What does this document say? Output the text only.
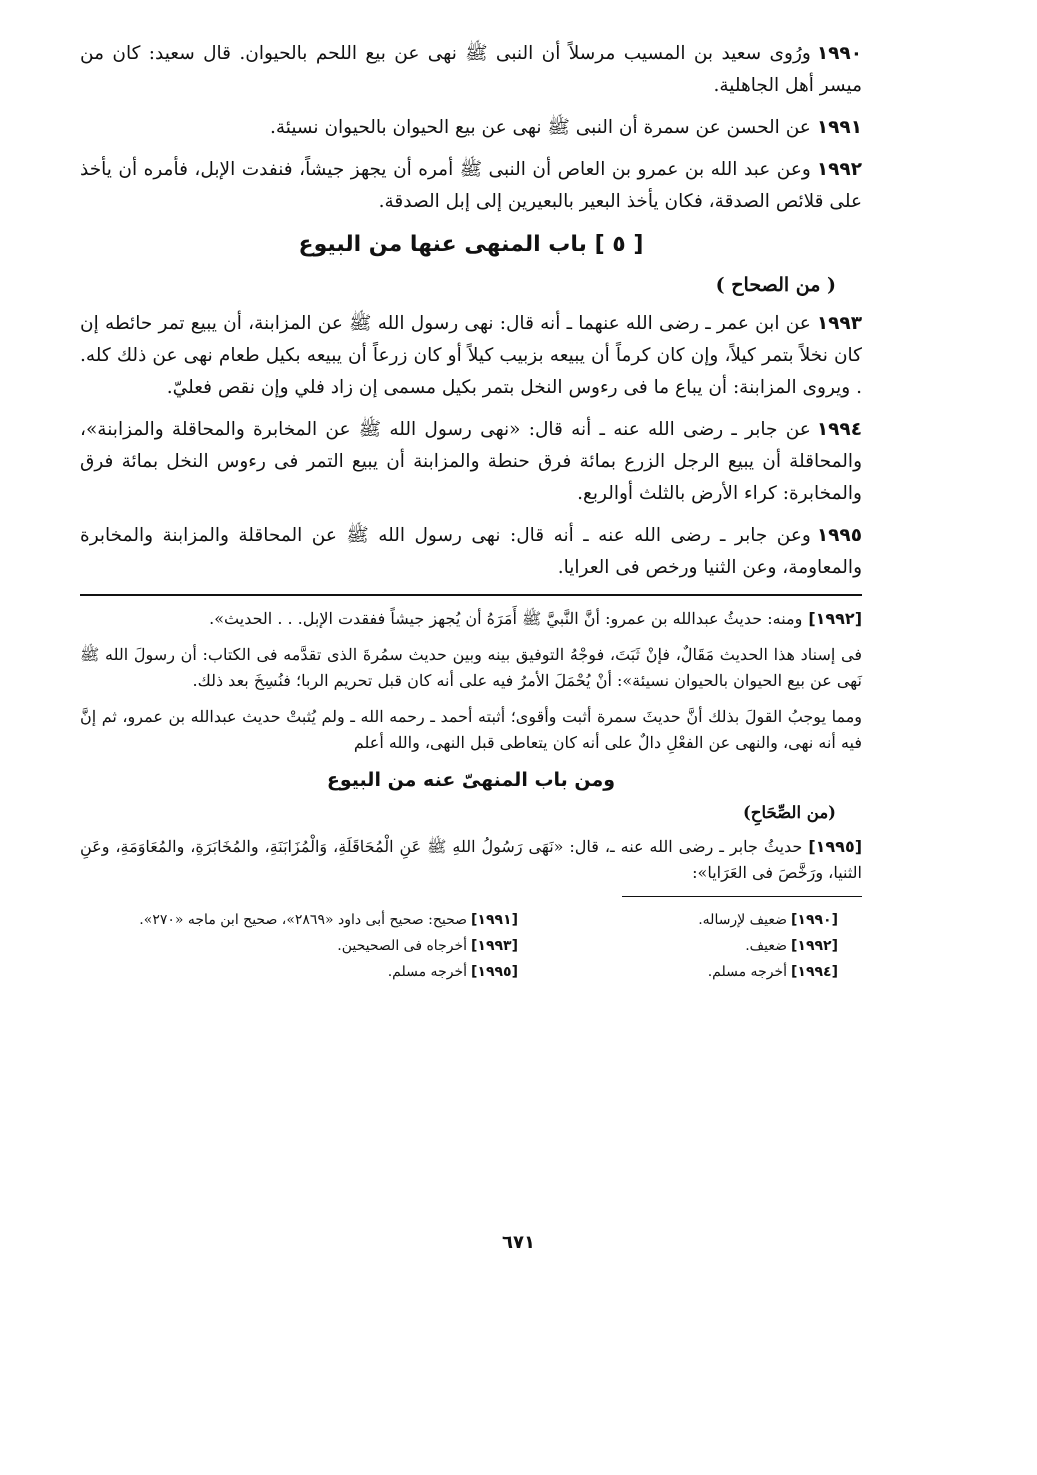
١٩٩٠ورُوى سعيد بن المسيب مرسلاً أن النبى ﷺ نهى عن بيع اللحم بالحيوان. قال سعيد: كان من ميسر أهل الجاهلية.

١٩٩١عن الحسن عن سمرة أن النبى ﷺ نهى عن بيع الحيوان بالحيوان نسيئة.

١٩٩٢وعن عبد الله بن عمرو بن العاص أن النبى ﷺ أمره أن يجهز جيشاً، فنفدت الإبل، فأمره أن يأخذ على قلائص الصدقة، فكان يأخذ البعير بالبعيرين إلى إبل الصدقة.

[ ٥ ] باب المنهى عنها من البيوع
( من الصحاح )

١٩٩٣عن ابن عمر ـ رضى الله عنهما ـ أنه قال: نهى رسول الله ﷺ عن المزابنة، أن يبيع تمر حائطه إن كان نخلاً بتمر كيلاً، وإن كان كرماً أن يبيعه بزبيب كيلاً أو كان زرعاً أن يبيعه بكيل طعام نهى عن ذلك كله. . ويروى المزابنة: أن يباع ما فى رءوس النخل بتمر بكيل مسمى إن زاد فلي وإن نقص فعليّ.

١٩٩٤عن جابر ـ رضى الله عنه ـ أنه قال: «نهى رسول الله ﷺ عن المخابرة والمحاقلة والمزابنة»، والمحاقلة أن يبيع الرجل الزرع بمائة فرق حنطة والمزابنة أن يبيع التمر فى رءوس النخل بمائة فرق والمخابرة: كراء الأرض بالثلث أوالربع.

١٩٩٥وعن جابر ـ رضى الله عنه ـ أنه قال: نهى رسول الله ﷺ عن المحاقلة والمزابنة والمخابرة والمعاومة، وعن الثنيا ورخص فى العرايا.

[١٩٩٢]ومنه: حديثُ عبدالله بن عمرو: أنَّ النَّبيَّ ﷺ أَمَرَهُ أن يُجهز جيشاً ففقدت الإبل. . . الحديث».

فى إسناد هذا الحديث مَقَالٌ، فإنْ ثَبَتَ، فوجْهُ التوفيق بينه وبين حديث سمُرةَ الذى تقدَّمه فى الكتاب: أن رسولَ الله ﷺ نَهى عن بيع الحيوان بالحيوان نسيئة»: أنْ يُحْمَلَ الأمرُ فيه على أنه كان قبل تحريم الربا؛ فنُسِخَ بعد ذلك.

ومما يوجبُ القولَ بذلك أنَّ حديثَ سمرة أثبت وأقوى؛ أثبته أحمد ـ رحمه الله ـ ولم يُثبتْ حديث عبدالله بن عمرو، ثم إنَّ فيه أنه نهى، والنهى عن الفعْلِ دالٌ على أنه كان يتعاطى قبل النهى، والله أعلم

ومن باب المنهىّ عنه من البيوع
(من الصِّحَاحِ)

[١٩٩٥]حديثُ جابر ـ رضى الله عنه ـ، قال: «نَهَى رَسُولُ اللهِ ﷺ عَنِ الْمُحَاقَلَةِ، وَالْمُزَابَنَةِ، والمُخَابَرَةِ، والمُعَاوَمَةِ، وعَنِ الثنيا، ورَخَّصَ فى العَرَايا»:

[١٩٩٠]ضعيف لإرساله.
[١٩٩١]صحيح: صحيح أبى داود «٢٨٦٩»، صحيح ابن ماجه «٢٧٠».
[١٩٩٢]ضعيف.
[١٩٩٣]أخرجاه فى الصحيحين.
[١٩٩٤]أخرجه مسلم.
[١٩٩٥]أخرجه مسلم.
٦٧١
